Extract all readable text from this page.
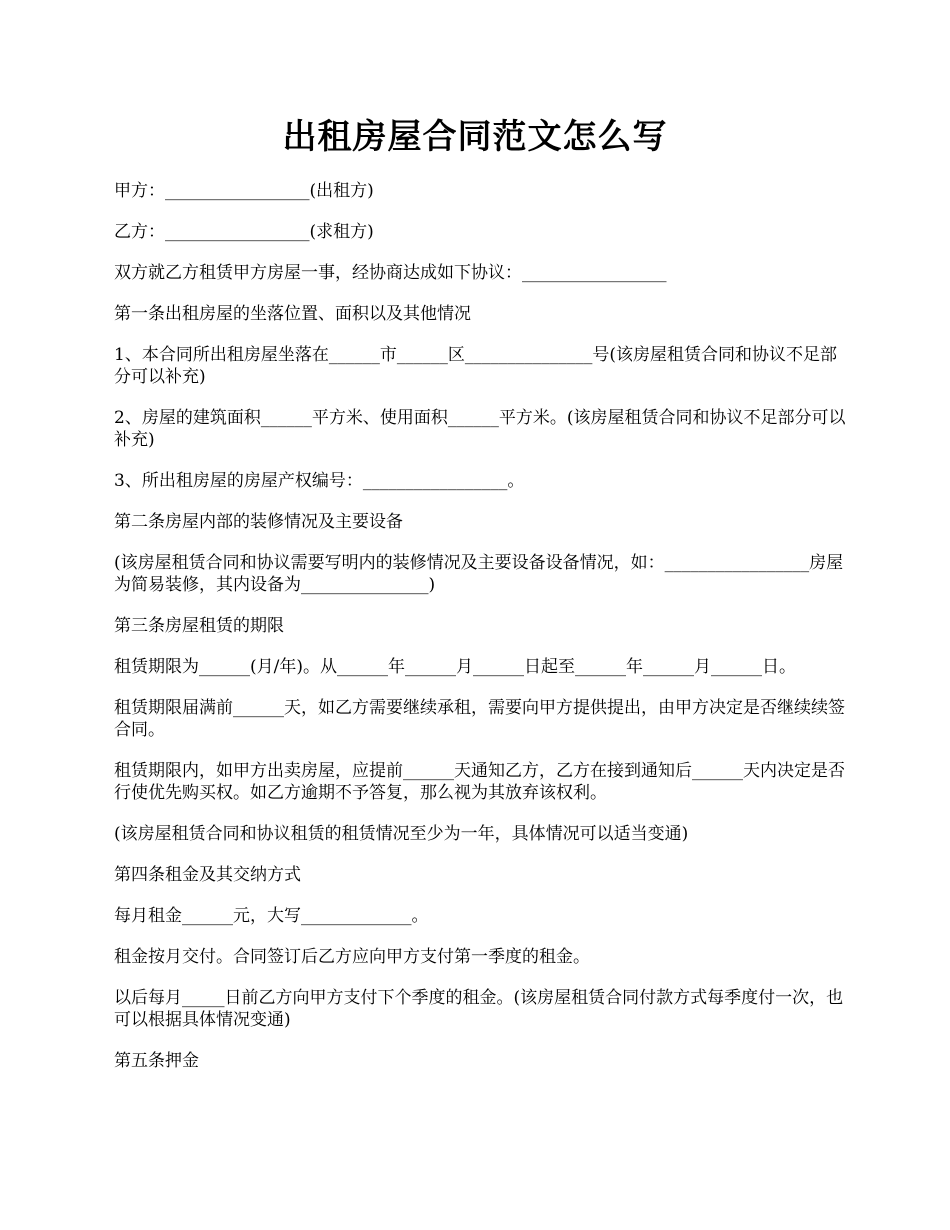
出租房屋合同范文怎么写

甲方：_________________(出租方)

乙方：_________________(求租方)

双方就乙方租赁甲方房屋一事，经协商达成如下协议：_________________

第一条出租房屋的坐落位置、面积以及其他情况

1、本合同所出租房屋坐落在______市______区_______________号(该房屋租赁合同和协议不足部分可以补充)

2、房屋的建筑面积______平方米、使用面积______平方米。(该房屋租赁合同和协议不足部分可以补充)

3、所出租房屋的房屋产权编号：_________________。

第二条房屋内部的装修情况及主要设备

(该房屋租赁合同和协议需要写明内的装修情况及主要设备设备情况，如：_________________房屋为简易装修，其内设备为_______________)

第三条房屋租赁的期限

租赁期限为______(月/年)。从______年______月______日起至______年______月______日。

租赁期限届满前______天，如乙方需要继续承租，需要向甲方提供提出，由甲方决定是否继续续签合同。

租赁期限内，如甲方出卖房屋，应提前______天通知乙方，乙方在接到通知后______天内决定是否行使优先购买权。如乙方逾期不予答复，那么视为其放弃该权利。

(该房屋租赁合同和协议租赁的租赁情况至少为一年，具体情况可以适当变通)

第四条租金及其交纳方式

每月租金______元，大写_____________。

租金按月交付。合同签订后乙方应向甲方支付第一季度的租金。

以后每月_____日前乙方向甲方支付下个季度的租金。(该房屋租赁合同付款方式每季度付一次，也可以根据具体情况变通)

第五条押金
